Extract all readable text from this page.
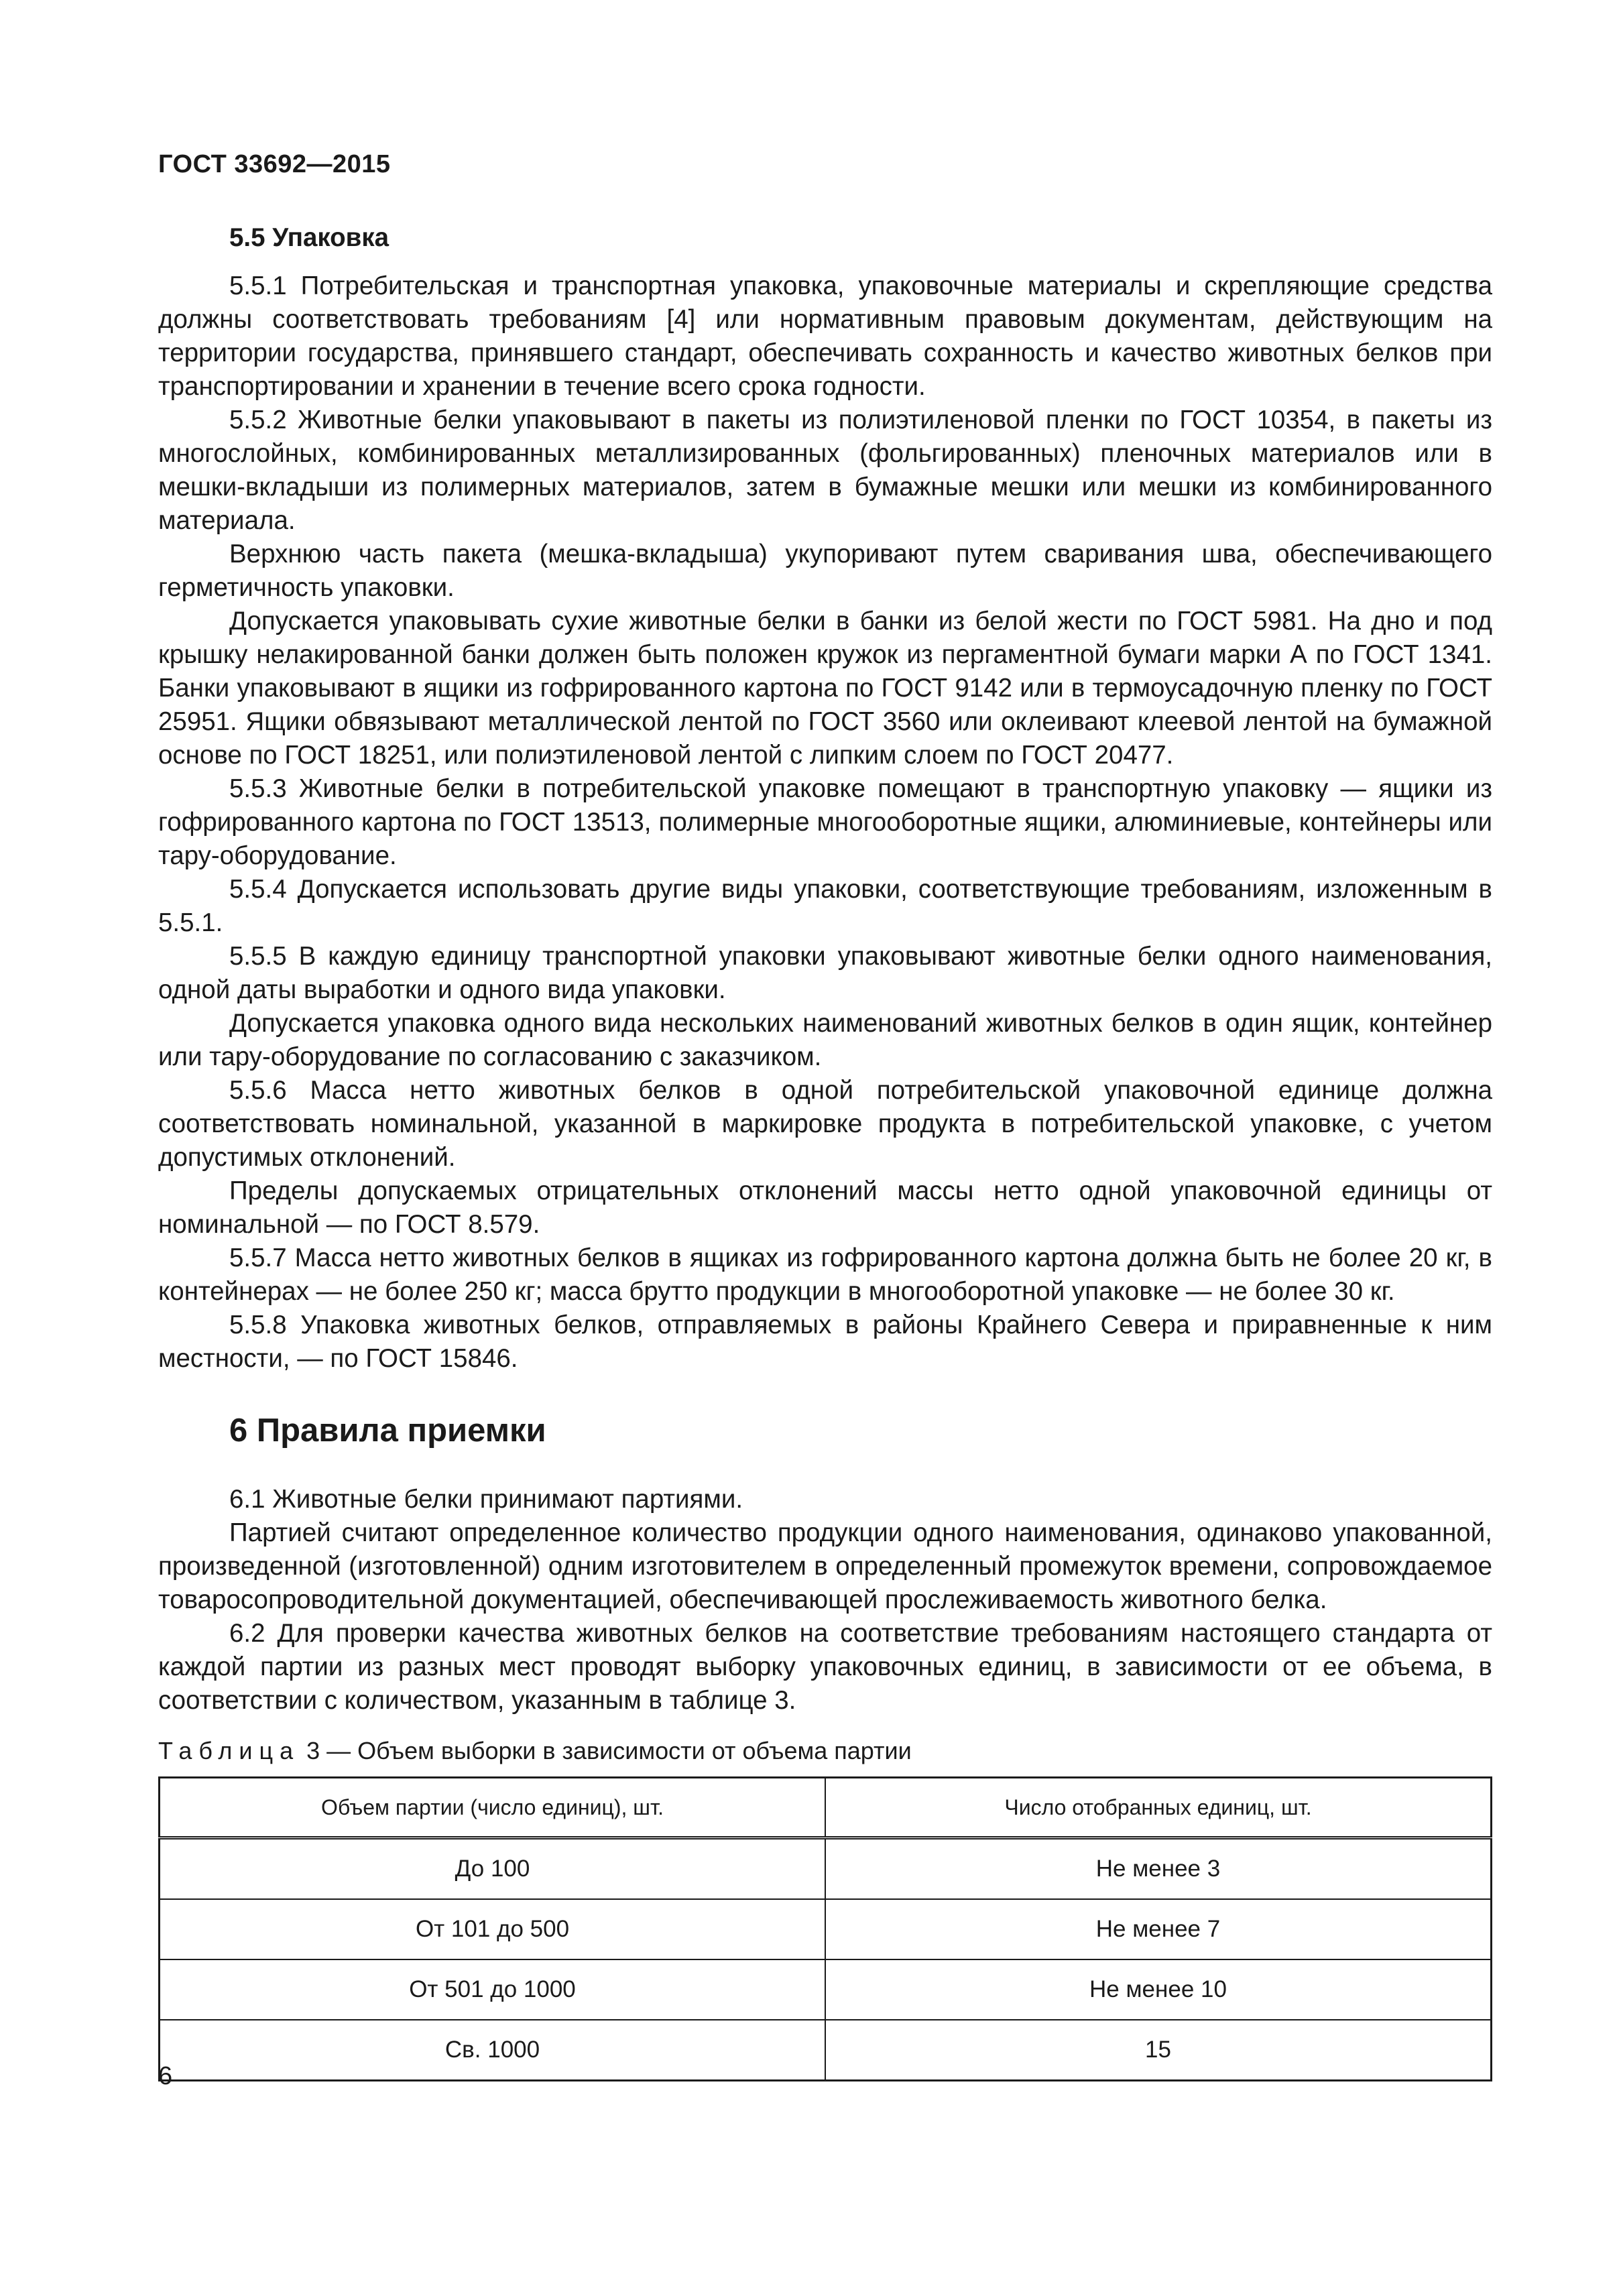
ГОСТ 33692—2015
5.5 Упаковка

5.5.1 Потребительская и транспортная упаковка, упаковочные материалы и скрепляющие средства должны соответствовать требованиям [4] или нормативным правовым документам, действующим на территории государства, принявшего стандарт, обеспечивать сохранность и качество животных белков при транспортировании и хранении в течение всего срока годности.

5.5.2 Животные белки упаковывают в пакеты из полиэтиленовой пленки по ГОСТ 10354, в пакеты из многослойных, комбинированных металлизированных (фольгированных) пленочных материалов или в мешки-вкладыши из полимерных материалов, затем в бумажные мешки или мешки из комбинированного материала.

Верхнюю часть пакета (мешка-вкладыша) укупоривают путем сваривания шва, обеспечивающего герметичность упаковки.

Допускается упаковывать сухие животные белки в банки из белой жести по ГОСТ 5981. На дно и под крышку нелакированной банки должен быть положен кружок из пергаментной бумаги марки А по ГОСТ 1341. Банки упаковывают в ящики из гофрированного картона по ГОСТ 9142 или в термоусадочную пленку по ГОСТ 25951. Ящики обвязывают металлической лентой по ГОСТ 3560 или оклеивают клеевой лентой на бумажной основе по ГОСТ 18251, или полиэтиленовой лентой с липким слоем по ГОСТ 20477.

5.5.3 Животные белки в потребительской упаковке помещают в транспортную упаковку — ящики из гофрированного картона по ГОСТ 13513, полимерные многооборотные ящики, алюминиевые, контейнеры или тару-оборудование.

5.5.4 Допускается использовать другие виды упаковки, соответствующие требованиям, изложенным в 5.5.1.

5.5.5 В каждую единицу транспортной упаковки упаковывают животные белки одного наименования, одной даты выработки и одного вида упаковки.

Допускается упаковка одного вида нескольких наименований животных белков в один ящик, контейнер или тару-оборудование по согласованию с заказчиком.

5.5.6 Масса нетто животных белков в одной потребительской упаковочной единице должна соответствовать номинальной, указанной в маркировке продукта в потребительской упаковке, с учетом допустимых отклонений.

Пределы допускаемых отрицательных отклонений массы нетто одной упаковочной единицы от номинальной — по ГОСТ 8.579.

5.5.7 Масса нетто животных белков в ящиках из гофрированного картона должна быть не более 20 кг, в контейнерах — не более 250 кг; масса брутто продукции в многооборотной упаковке — не более 30 кг.

5.5.8 Упаковка животных белков, отправляемых в районы Крайнего Севера и приравненные к ним местности, — по ГОСТ 15846.

6 Правила приемки

6.1 Животные белки принимают партиями.

Партией считают определенное количество продукции одного наименования, одинаково упакованной, произведенной (изготовленной) одним изготовителем в определенный промежуток времени, сопровождаемое товаросопроводительной документацией, обеспечивающей прослеживаемость животного белка.

6.2 Для проверки качества животных белков на соответствие требованиям настоящего стандарта от каждой партии из разных мест проводят выборку упаковочных единиц, в зависимости от ее объема, в соответствии с количеством, указанным в таблице 3.

Таблица 3 — Объем выборки в зависимости от объема партии
Объем партии (число единиц), шт.	Число отобранных единиц, шт.
До 100	Не менее 3
От 101 до 500	Не менее 7
От 501 до 1000	Не менее 10
Св. 1000	15
6
